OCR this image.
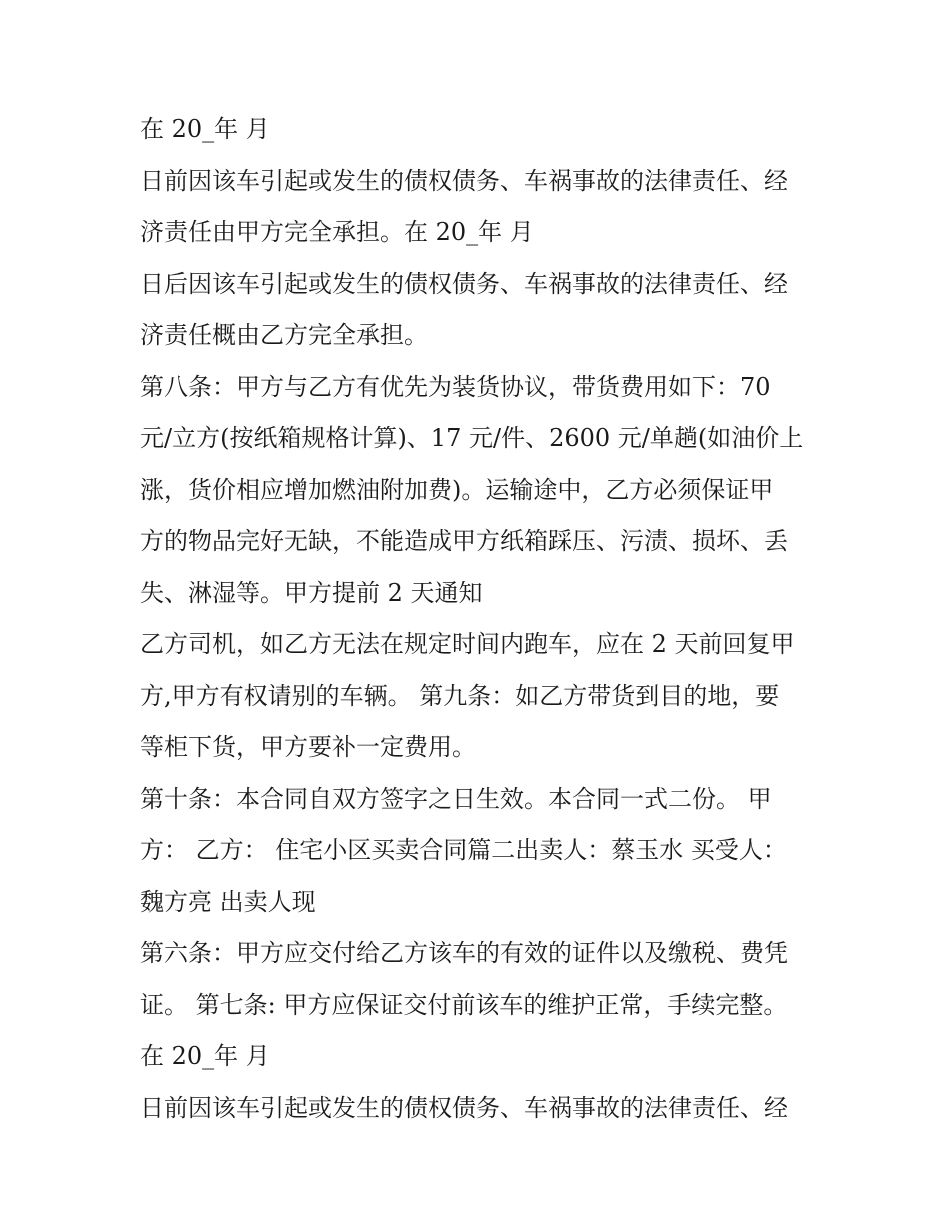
在 20_年 月
日前因该车引起或发生的债权债务、车祸事故的法律责任、经
济责任由甲方完全承担。在 20_年 月
日后因该车引起或发生的债权债务、车祸事故的法律责任、经
济责任概由乙方完全承担。
第八条：甲方与乙方有优先为装货协议，带货费用如下：70
元/立方(按纸箱规格计算)、17 元/件、2600 元/单趟(如油价上
涨，货价相应增加燃油附加费)。运输途中，乙方必须保证甲
方的物品完好无缺，不能造成甲方纸箱踩压、污渍、损坏、丢
失、淋湿等。甲方提前 2 天通知
乙方司机，如乙方无法在规定时间内跑车，应在 2 天前回复甲
方,甲方有权请别的车辆。 第九条：如乙方带货到目的地，要
等柜下货，甲方要补一定费用。
第十条：本合同自双方签字之日生效。本合同一式二份。 甲
方： 乙方： 住宅小区买卖合同篇二出卖人：蔡玉水 买受人：
魏方亮 出卖人现
第六条：甲方应交付给乙方该车的有效的证件以及缴税、费凭
证。 第七条: 甲方应保证交付前该车的维护正常，手续完整。
在 20_年 月
日前因该车引起或发生的债权债务、车祸事故的法律责任、经
